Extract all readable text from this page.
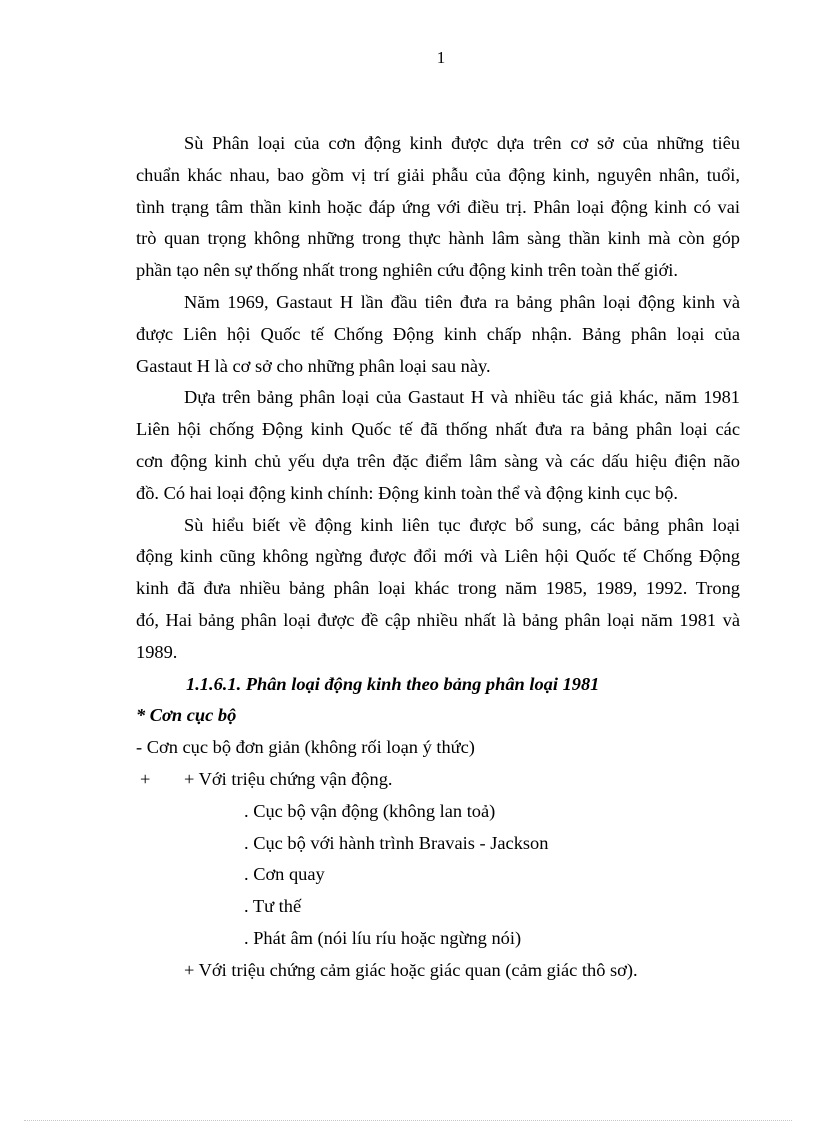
1
Sù Phân loại của cơn động kinh được dựa trên cơ sở của những tiêu
chuẩn khác nhau, bao gồm vị trí giải phẫu của động kinh, nguyên nhân, tuổi,
tình trạng tâm thần kinh hoặc đáp ứng với điều trị. Phân loại động kinh có vai
trò quan trọng không những trong thực hành lâm sàng thần kinh mà còn góp
phần tạo nên sự thống nhất trong nghiên cứu động kinh trên toàn thế giới.
Năm 1969, Gastaut H lần đầu tiên đưa ra bảng phân loại động kinh và
được Liên hội Quốc tế Chống Động kinh chấp nhận. Bảng phân loại của
Gastaut H là cơ sở cho những phân loại sau này.
Dựa trên bảng phân loại của Gastaut H và nhiều tác giả khác, năm 1981
Liên hội chống Động kinh Quốc tế đã thống nhất đưa ra bảng phân loại các
cơn động kinh chủ yếu dựa trên đặc điểm lâm sàng và các dấu hiệu điện não
đồ. Có hai loại động kinh chính: Động kinh toàn thể và động kinh cục bộ.
Sù hiểu biết về động kinh liên tục được bổ sung, các bảng phân loại
động kinh cũng không ngừng được đổi mới và Liên hội Quốc tế Chống Động
kinh đã đưa nhiều bảng phân loại khác trong năm 1985, 1989, 1992. Trong
đó, Hai bảng phân loại được đề cập nhiều nhất là bảng phân loại năm 1981 và
1989.

1.1.6.1. Phân loại động kinh theo bảng phân loại 1981

* Cơn cục bộ

- Cơn cục bộ đơn giản (không rối loạn ý thức)

+ + Với triệu chứng vận động.

. Cục bộ vận động (không lan toả)

. Cục bộ với hành trình Bravais - Jackson

. Cơn quay

. Tư thế

. Phát âm (nói líu ríu hoặc ngừng nói)

+ Với triệu chứng cảm giác hoặc giác quan (cảm giác thô sơ).
